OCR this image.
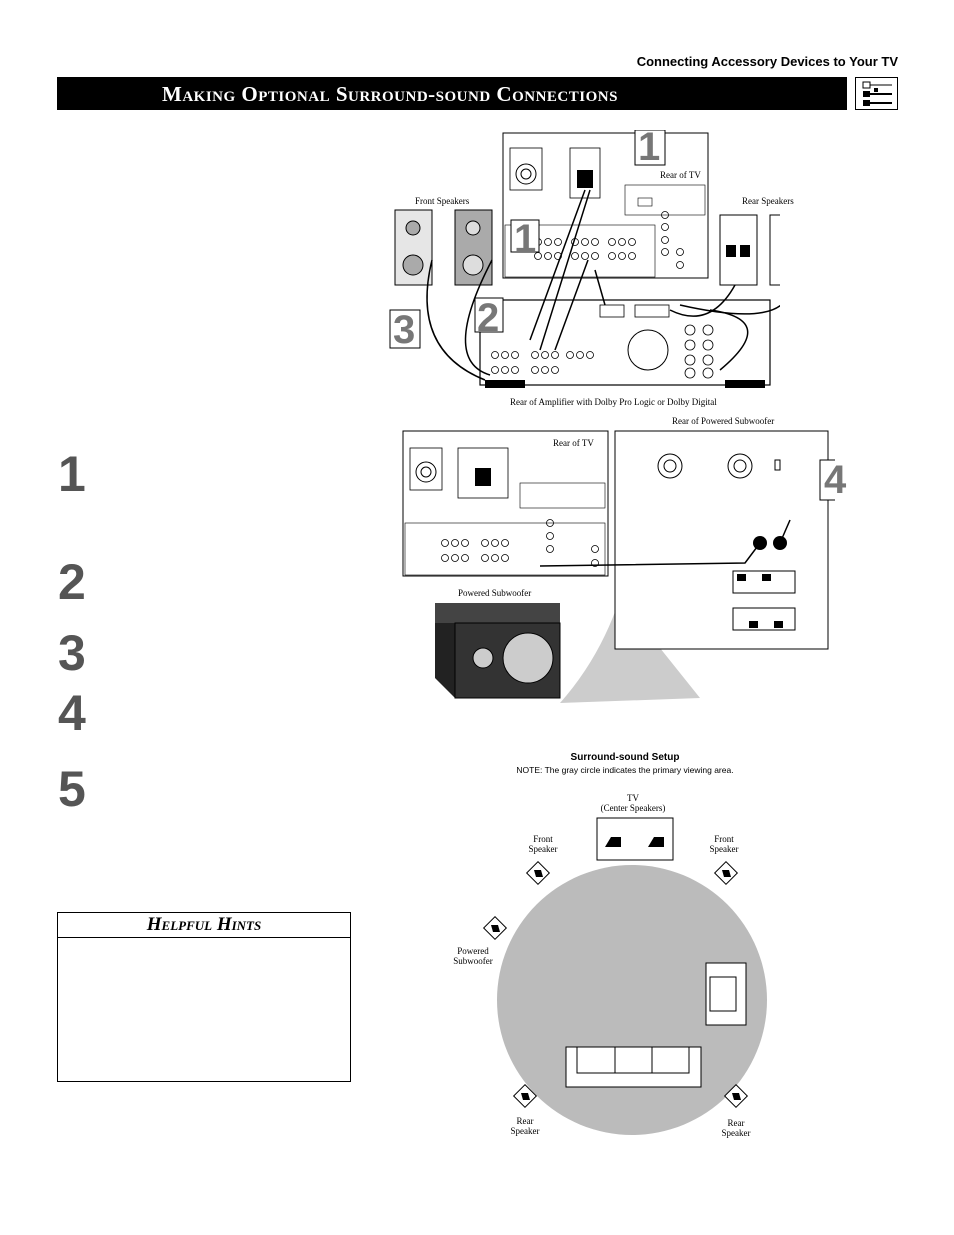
Connecting Accessory Devices to Your TV
Making Optional Surround-sound Connections
1
2
3
4
5
Helpful Hints
1
1
2
3
Rear of TV
Front Speakers	Rear Speakers
Rear of Amplifier with Dolby Pro Logic or Dolby Digital
Rear of TV
Rear of Powered Subwoofer
Powered Subwoofer
4
Surround-sound Setup
NOTE: The gray circle indicates the primary viewing area.
TV
(Center Speakers)
Front
Speaker
Front
Speaker
Powered
Subwoofer
Rear
Speaker
Rear
Speaker
